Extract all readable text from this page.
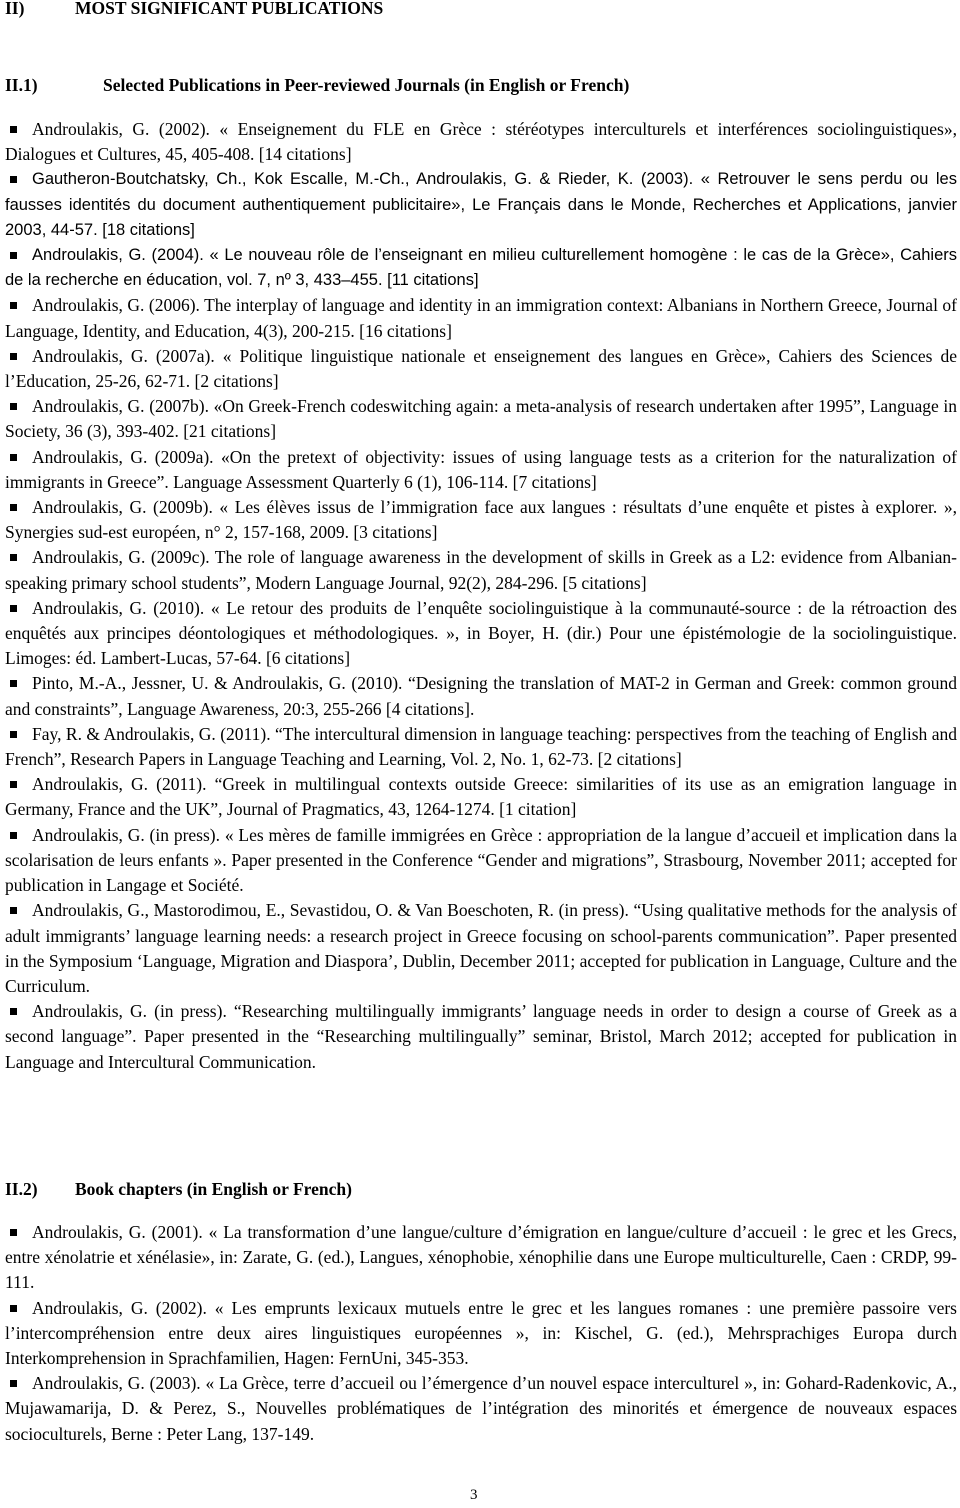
II)	MOST SIGNIFICANT PUBLICATIONS
II.1)	Selected Publications in Peer-reviewed Journals (in English or French)
Androulakis, G. (2002). « Enseignement du FLE en Grèce : stéréotypes interculturels et interférences sociolinguistiques», Dialogues et Cultures, 45, 405-408. [14 citations]
Gautheron-Boutchatsky, Ch., Kok Escalle, M.-Ch., Androulakis, G. & Rieder, K. (2003). « Retrouver le sens perdu ou les fausses identités du document authentiquement publicitaire», Le Français dans le Monde, Recherches et Applications, janvier 2003, 44-57. [18 citations]
Androulakis, G. (2004). « Le nouveau rôle de l’enseignant en milieu culturellement homogène : le cas de la Grèce», Cahiers de la recherche en éducation, vol. 7, nº 3, 433–455. [11 citations]
Androulakis, G. (2006). The interplay of language and identity in an immigration context: Albanians in Northern Greece, Journal of Language, Identity, and Education, 4(3), 200-215. [16 citations]
Androulakis, G. (2007a). « Politique linguistique nationale et enseignement des langues en Grèce», Cahiers des Sciences de l’Education, 25-26, 62-71. [2 citations]
Androulakis, G. (2007b). «On Greek-French codeswitching again: a meta-analysis of research undertaken after 1995”, Language in Society, 36 (3), 393-402. [21 citations]
Androulakis, G. (2009a). «On the pretext of objectivity: issues of using language tests as a criterion for the naturalization of immigrants in Greece”. Language Assessment Quarterly 6 (1), 106-114. [7 citations]
Androulakis, G. (2009b). « Les élèves issus de l’immigration face aux langues : résultats d’une enquête et pistes à explorer. », Synergies sud-est européen, n° 2, 157-168, 2009. [3 citations]
Androulakis, G. (2009c). The role of language awareness in the development of skills in Greek as a L2: evidence from Albanian-speaking primary school students”, Modern Language Journal, 92(2), 284-296. [5 citations]
Androulakis, G. (2010). « Le retour des produits de l’enquête sociolinguistique à la communauté-source : de la rétroaction des enquêtés aux principes déontologiques et méthodologiques. », in Boyer, H. (dir.) Pour une épistémologie de la sociolinguistique. Limoges: éd. Lambert-Lucas, 57-64. [6 citations]
Pinto, M.-A., Jessner, U. & Androulakis, G. (2010). “Designing the translation of MAT-2 in German and Greek: common ground and constraints”, Language Awareness, 20:3, 255-266 [4 citations].
Fay, R. & Androulakis, G. (2011). “The intercultural dimension in language teaching: perspectives from the teaching of English and French”, Research Papers in Language Teaching and Learning, Vol. 2, No. 1, 62-73. [2 citations]
Androulakis, G. (2011). “Greek in multilingual contexts outside Greece: similarities of its use as an emigration language in Germany, France and the UK”, Journal of Pragmatics, 43, 1264-1274. [1 citation]
Androulakis, G. (in press). « Les mères de famille immigrées en Grèce : appropriation de la langue d’accueil et implication dans la scolarisation de leurs enfants ». Paper presented in the Conference “Gender and migrations”, Strasbourg, November 2011; accepted for publication in Langage et Société.
Androulakis, G., Mastorodimou, E., Sevastidou, O. & Van Boeschoten, R. (in press). “Using qualitative methods for the analysis of adult immigrants’ language learning needs: a research project in Greece focusing on school-parents communication”. Paper presented in the Symposium ‘Language, Migration and Diaspora’, Dublin, December 2011; accepted for publication in Language, Culture and the Curriculum.
Androulakis, G. (in press). “Researching multilingually immigrants’ language needs in order to design a course of Greek as a second language”. Paper presented in the “Researching multilingually” seminar, Bristol, March 2012; accepted for publication in Language and Intercultural Communication.
II.2) Book chapters (in English or French)
Androulakis, G. (2001). « La transformation d’une langue/culture d’émigration en langue/culture d’accueil : le grec et les Grecs, entre xénolatrie et xénélasie», in: Zarate, G. (ed.), Langues, xénophobie, xénophilie dans une Europe multiculturelle, Caen : CRDP, 99-111.
Androulakis, G. (2002). « Les emprunts lexicaux mutuels entre le grec et les langues romanes : une première passoire vers l’intercompréhension entre deux aires linguistiques européennes », in: Kischel, G. (ed.), Mehrsprachiges Europa durch Interkomprehension in Sprachfamilien, Hagen: FernUni, 345-353.
Androulakis, G. (2003). « La Grèce, terre d’accueil ou l’émergence d’un nouvel espace interculturel », in: Gohard-Radenkovic, A., Mujawamarija, D. & Perez, S., Nouvelles problématiques de l’intégration des minorités et émergence de nouveaux espaces socioculturels, Berne : Peter Lang, 137-149.
3
